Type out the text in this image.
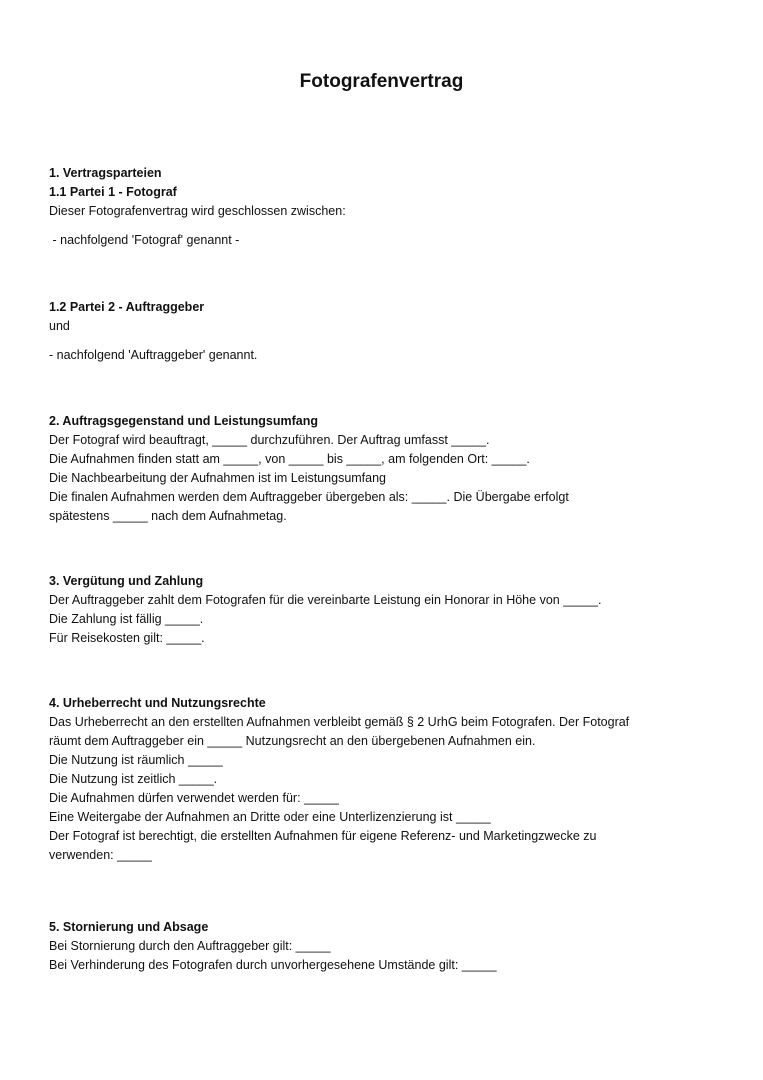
Fotografenvertrag

1. Vertragsparteien

1.1 Partei 1 - Fotograf

Dieser Fotografenvertrag wird geschlossen zwischen:

- nachfolgend 'Fotograf' genannt -

1.2 Partei 2 - Auftraggeber

und

- nachfolgend 'Auftraggeber' genannt.

2. Auftragsgegenstand und Leistungsumfang

Der Fotograf wird beauftragt, _____ durchzuführen. Der Auftrag umfasst _____.

Die Aufnahmen finden statt am _____, von _____ bis _____, am folgenden Ort: _____.

Die Nachbearbeitung der Aufnahmen ist im Leistungsumfang

Die finalen Aufnahmen werden dem Auftraggeber übergeben als: _____. Die Übergabe erfolgt

spätestens _____ nach dem Aufnahmetag.

3. Vergütung und Zahlung

Der Auftraggeber zahlt dem Fotografen für die vereinbarte Leistung ein Honorar in Höhe von _____.

Die Zahlung ist fällig _____.

Für Reisekosten gilt: _____.

4. Urheberrecht und Nutzungsrechte

Das Urheberrecht an den erstellten Aufnahmen verbleibt gemäß § 2 UrhG beim Fotografen. Der Fotograf

räumt dem Auftraggeber ein _____ Nutzungsrecht an den übergebenen Aufnahmen ein.

Die Nutzung ist räumlich _____

Die Nutzung ist zeitlich _____.

Die Aufnahmen dürfen verwendet werden für: _____

Eine Weitergabe der Aufnahmen an Dritte oder eine Unterlizenzierung ist _____

Der Fotograf ist berechtigt, die erstellten Aufnahmen für eigene Referenz- und Marketingzwecke zu

verwenden: _____

5. Stornierung und Absage

Bei Stornierung durch den Auftraggeber gilt: _____

Bei Verhinderung des Fotografen durch unvorhergesehene Umstände gilt: _____
